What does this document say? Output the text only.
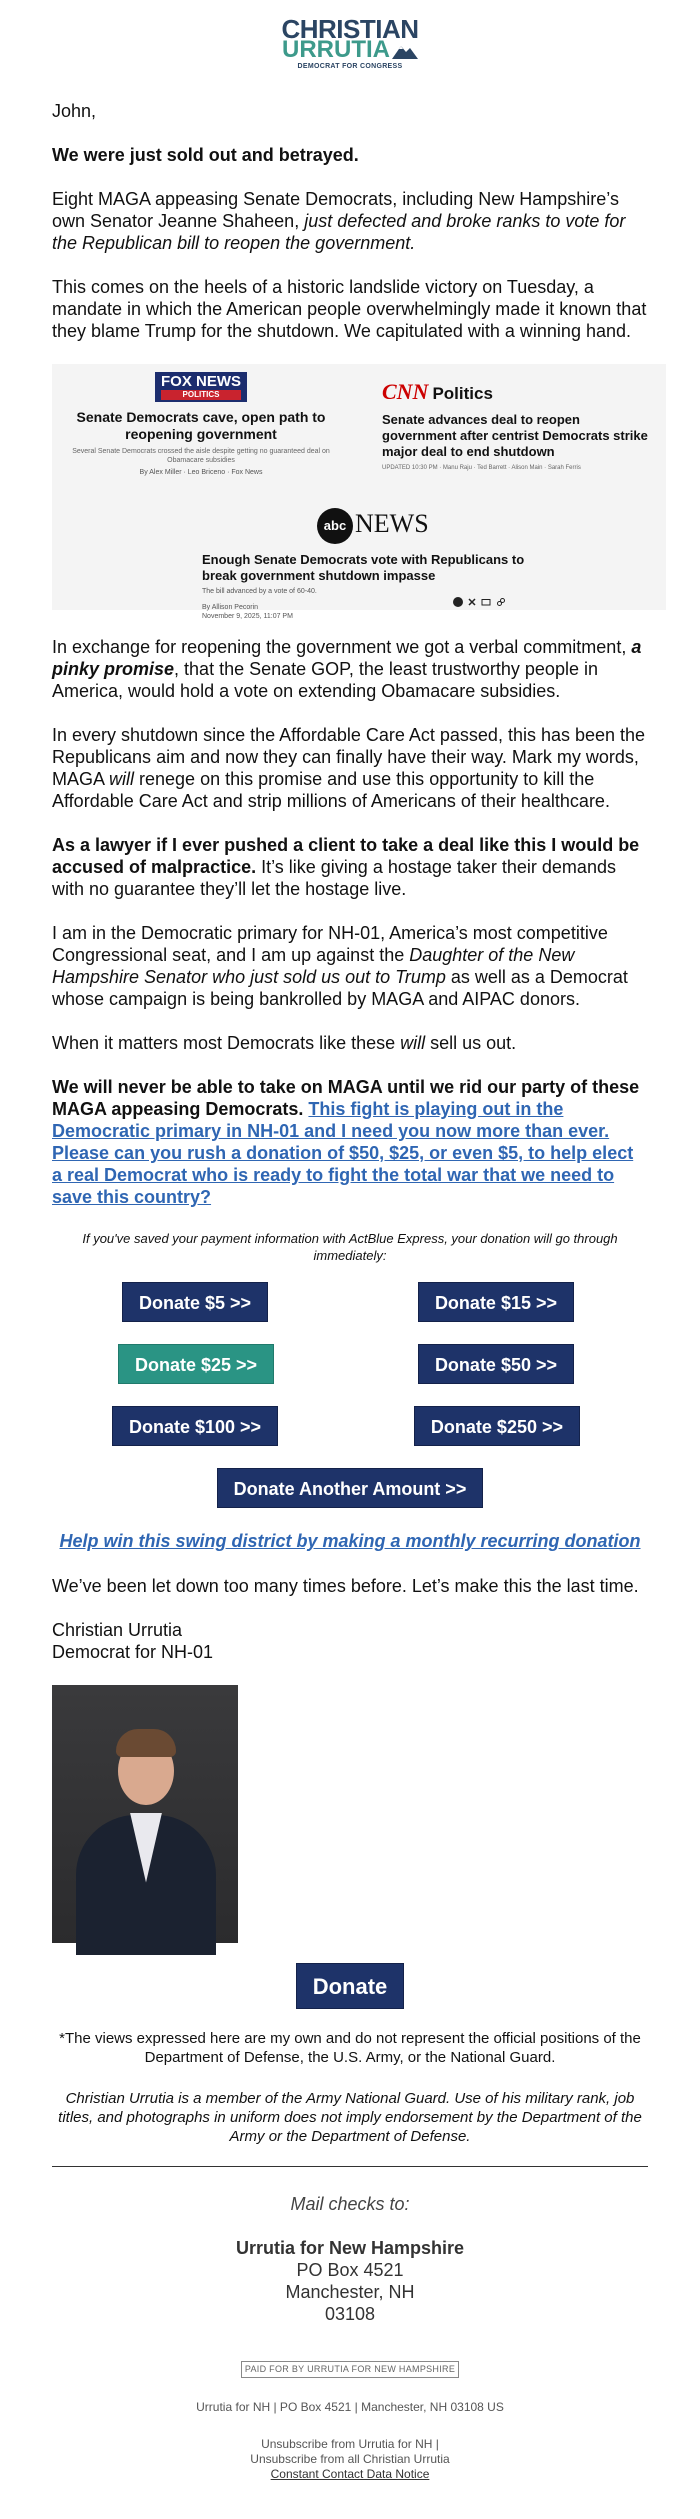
CHRISTIAN
URRUTIA
DEMOCRAT FOR CONGRESS

John,

We were just sold out and betrayed.

Eight MAGA appeasing Senate Democrats, including New Hampshire’s own Senator Jeanne Shaheen, just defected and broke ranks to vote for the Republican bill to reopen the government.

This comes on the heels of a historic landslide victory on Tuesday, a mandate in which the American people overwhelmingly made it known that they blame Trump for the shutdown. We capitulated with a winning hand.

FOX NEWS
POLITICS
Senate Democrats cave, open path to reopening government
Several Senate Democrats crossed the aisle despite getting no guaranteed deal on Obamacare subsidies
By Alex Miller · Leo Briceno · Fox News
CNN Politics
Senate advances deal to reopen government after centrist Democrats strike major deal to end shutdown
UPDATED 10:30 PM · Manu Raju · Ted Barrett · Alison Main · Sarah Ferris
abc NEWS
Enough Senate Democrats vote with Republicans to break government shutdown impasse
The bill advanced by a vote of 60-40.
By Allison Pecorin
November 9, 2025, 11:07 PM

In exchange for reopening the government we got a verbal commitment, a pinky promise, that the Senate GOP, the least trustworthy people in America, would hold a vote on extending Obamacare subsidies.

In every shutdown since the Affordable Care Act passed, this has been the Republicans aim and now they can finally have their way. Mark my words, MAGA will renege on this promise and use this opportunity to kill the Affordable Care Act and strip millions of Americans of their healthcare.

As a lawyer if I ever pushed a client to take a deal like this I would be accused of malpractice. It’s like giving a hostage taker their demands with no guarantee they’ll let the hostage live.

I am in the Democratic primary for NH-01, America’s most competitive Congressional seat, and I am up against the Daughter of the New Hampshire Senator who just sold us out to Trump as well as a Democrat whose campaign is being bankrolled by MAGA and AIPAC donors.

When it matters most Democrats like these will sell us out.

We will never be able to take on MAGA until we rid our party of these MAGA appeasing Democrats. This fight is playing out in the Democratic primary in NH-01 and I need you now more than ever. Please can you rush a donation of $50, $25, or even $5, to help elect a real Democrat who is ready to fight the total war that we need to save this country?

If you've saved your payment information with ActBlue Express, your donation will go through immediately:
Donate $5 >>	Donate $15 >>
Donate $25 >>	Donate $50 >>
Donate $100 >>	Donate $250 >>
Donate Another Amount >>
Help win this swing district by making a monthly recurring donation

We’ve been let down too many times before. Let’s make this the last time.

Christian Urrutia
Democrat for NH-01

Donate
*The views expressed here are my own and do not represent the official positions of the Department of Defense, the U.S. Army, or the National Guard.
Christian Urrutia is a member of the Army National Guard. Use of his military rank, job titles, and photographs in uniform does not imply endorsement by the Department of the Army or the Department of Defense.
Mail checks to:
Urrutia for New Hampshire
PO Box 4521
Manchester, NH
03108
PAID FOR BY URRUTIA FOR NEW HAMPSHIRE
Urrutia for NH | PO Box 4521 | Manchester, NH 03108 US
Unsubscribe from Urrutia for NH |
Unsubscribe from all Christian Urrutia
Constant Contact Data Notice
